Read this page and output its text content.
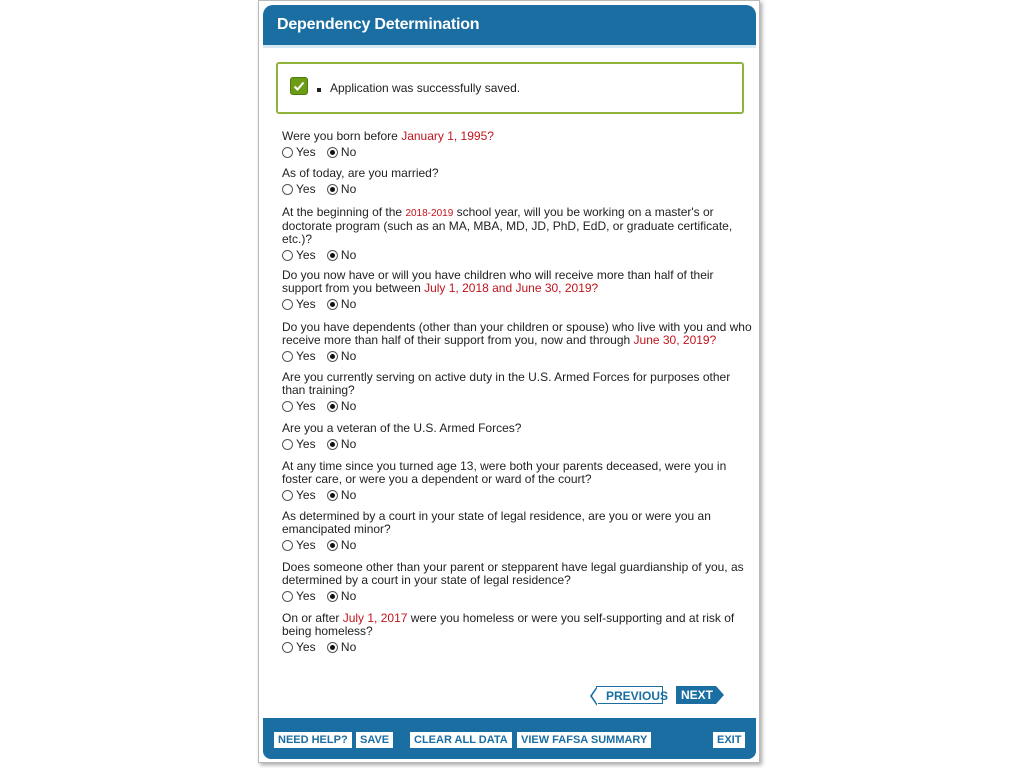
Dependency Determination
Application was successfully saved.
Were you born before January 1, 1995?
Yes No
As of today, are you married?
Yes No
At the beginning of the 2018-2019 school year, will you be working on a master's or doctorate program (such as an MA, MBA, MD, JD, PhD, EdD, or graduate certificate, etc.)?
Yes No
Do you now have or will you have children who will receive more than half of their support from you between July 1, 2018 and June 30, 2019?
Yes No
Do you have dependents (other than your children or spouse) who live with you and who receive more than half of their support from you, now and through June 30, 2019?
Yes No
Are you currently serving on active duty in the U.S. Armed Forces for purposes other than training?
Yes No
Are you a veteran of the U.S. Armed Forces?
Yes No
At any time since you turned age 13, were both your parents deceased, were you in foster care, or were you a dependent or ward of the court?
Yes No
As determined by a court in your state of legal residence, are you or were you an emancipated minor?
Yes No
Does someone other than your parent or stepparent have legal guardianship of you, as determined by a court in your state of legal residence?
Yes No
On or after July 1, 2017 were you homeless or were you self-supporting and at risk of being homeless?
Yes No
PREVIOUS	NEXT
NEED HELP?	SAVE	CLEAR ALL DATA	VIEW FAFSA SUMMARY	EXIT
